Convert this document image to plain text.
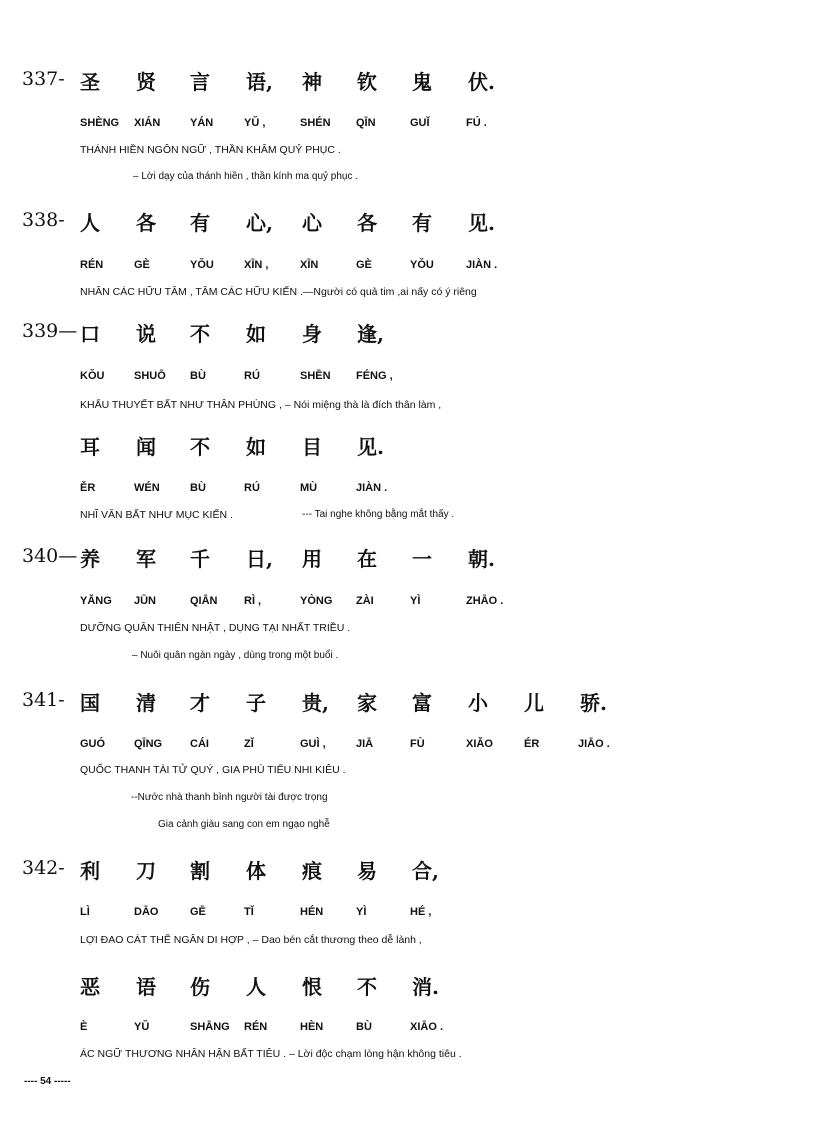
337- 圣 贤 言 语, 神 钦 鬼 伏.
SHÈNG XIÁN	YÁN	YŬ ,	SHÉN QĪN	GUĬ	FÚ .
THÁNH HIỀN NGÔN NGỮ , THẦN KHÂM QUỶ PHỤC .
– Lời dạy của thánh hiền , thần kính ma quỷ phục .
338- 人 各 有 心, 心 各 有 见.
RÉN	GÈ	YǑU	XĪN ,	XĪN	GÈ	YǑU	JIÀN .
NHÂN CÁC HỮU TÂM , TÂM CÁC HỮU KIẾN .—Người có quả tim ,ai nấy có ý riêng
339— 口 说 不 如 身 逢,
KǑU	SHUŌ BÙ	RÚ	SHĒN FÉNG ,
KHẨU THUYẾT BẤT NHƯ THÂN PHÙNG , – Nói miệng thà là đích thân làm ,
耳 闻 不 如 目 见.
ĚR	WÉN	BÙ	RÚ	MÙ	JIÀN .
NHĨ VĂN BẤT NHƯ MỤC KIẾN .	--- Tai nghe không bằng mắt thấy .
340— 养 军 千 日, 用 在 一 朝.
YĂNG JŪN	QIĀN RÌ ,	YÒNG ZÀI	YÌ	ZHĀO .
DƯỠNG QUÂN THIÊN NHẬT , DỤNG TẠI NHẤT TRIỀU .
– Nuôi quân ngàn ngày , dùng trong một buổi .
341- 国 清 才 子 贵, 家 富 小 儿 骄.
GUÓ	QĪNG	CÁI	ZĬ	GUÌ ,	JIĀ	FÙ	XIǍO	ÉR	JIĀO .
QUỐC THANH TÀI TỬ QUÝ , GIA PHÚ TIỂU NHI KIÊU .
--Nước nhà thanh bình người tài được trọng
Gia cảnh giàu sang con em ngạo nghễ
342- 利 刀 割 体 痕 易 合,
LÌ	DĀO	GĒ	TĬ	HÉN	YÌ	HÉ ,
LỢI ĐAO CÁT THỂ NGÂN DI HỢP , – Dao bén cắt thương theo dễ lành ,
恶 语 伤 人 恨 不 消.
È	YŬ	SHĀNG RÉN	HÈN	BÙ	XIĀO .
ÁC NGỮ THƯƠNG NHÂN HẬN BẤT TIÊU . – Lời độc chạm lòng hận không tiêu .
---- 54 -----
